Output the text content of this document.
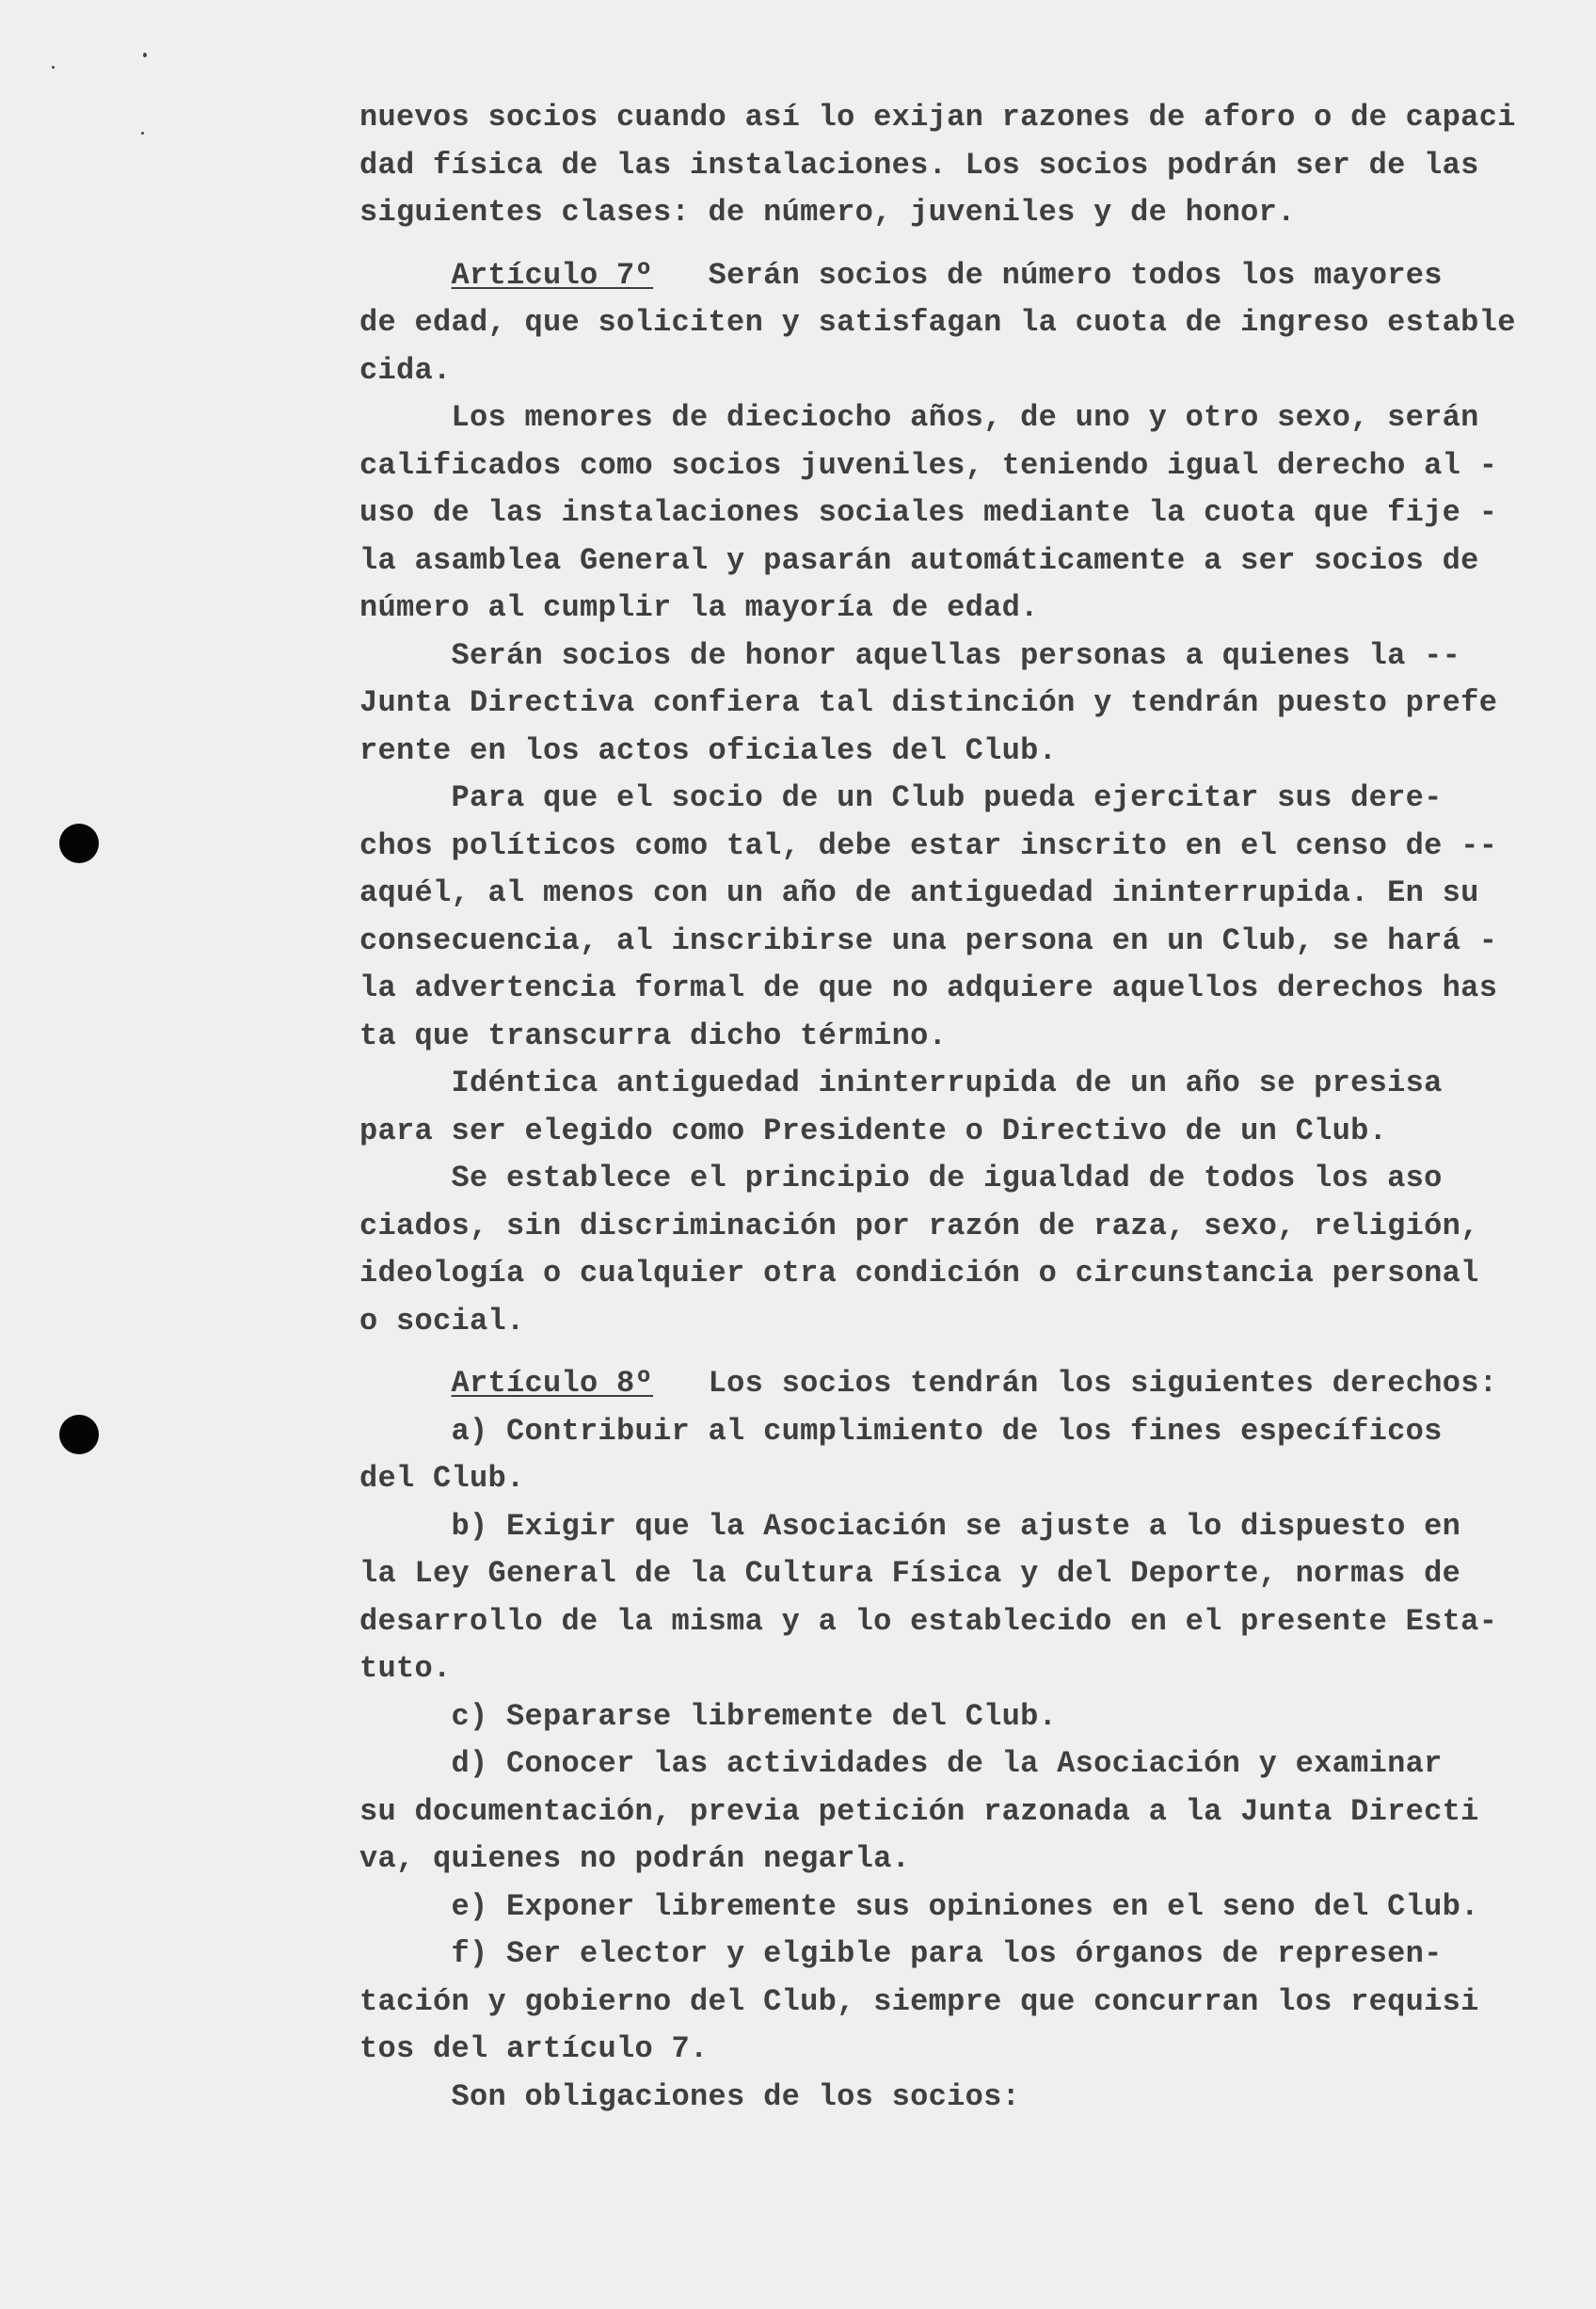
nuevos socios cuando así lo exijan razones de aforo o de capaci
dad física de las instalaciones. Los socios podrán ser de las
siguientes clases: de número, juveniles y de honor.
Artículo 7º Serán socios de número todos los mayores
de edad, que soliciten y satisfagan la cuota de ingreso estable
cida.
Los menores de dieciocho años, de uno y otro sexo, serán
calificados como socios juveniles, teniendo igual derecho al -
uso de las instalaciones sociales mediante la cuota que fije -
la asamblea General y pasarán automáticamente a ser socios de
número al cumplir la mayoría de edad.
Serán socios de honor aquellas personas a quienes la --
Junta Directiva confiera tal distinción y tendrán puesto prefe
rente en los actos oficiales del Club.
Para que el socio de un Club pueda ejercitar sus dere-
chos políticos como tal, debe estar inscrito en el censo de --
aquél, al menos con un año de antiguedad ininterrupida. En su
consecuencia, al inscribirse una persona en un Club, se hará -
la advertencia formal de que no adquiere aquellos derechos has
ta que transcurra dicho término.
Idéntica antiguedad ininterrupida de un año se presisa
para ser elegido como Presidente o Directivo de un Club.
Se establece el principio de igualdad de todos los aso
ciados, sin discriminación por razón de raza, sexo, religión,
ideología o cualquier otra condición o circunstancia personal
o social.
Artículo 8º Los socios tendrán los siguientes derechos:
a) Contribuir al cumplimiento de los fines específicos
del Club.
b) Exigir que la Asociación se ajuste a lo dispuesto en
la Ley General de la Cultura Física y del Deporte, normas de
desarrollo de la misma y a lo establecido en el presente Esta-
tuto.
c) Separarse libremente del Club.
d) Conocer las actividades de la Asociación y examinar
su documentación, previa petición razonada a la Junta Directi
va, quienes no podrán negarla.
e) Exponer libremente sus opiniones en el seno del Club.
f) Ser elector y elgible para los órganos de represen-
tación y gobierno del Club, siempre que concurran los requisi
tos del artículo 7.
Son obligaciones de los socios:
